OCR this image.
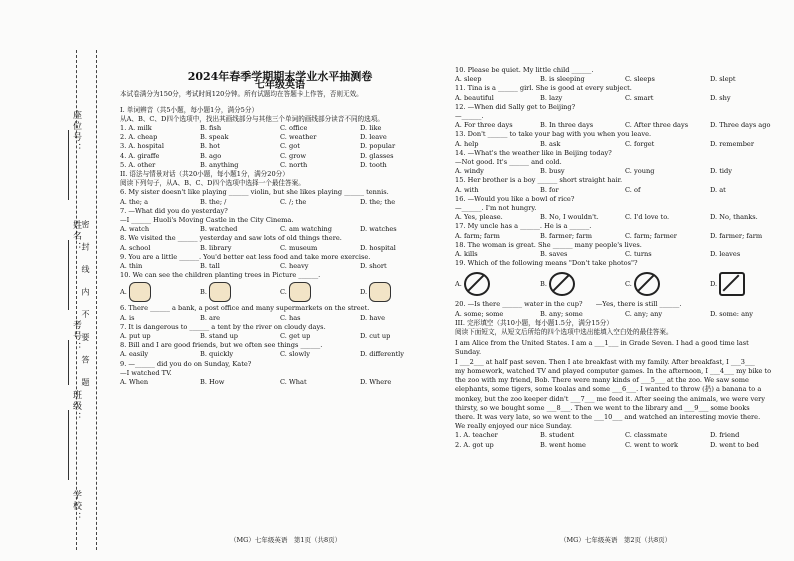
密 封 线 内 不 要 答 题
座位号：
姓名：
考号：
班级：
学校：

2024年春季学期期末学业水平抽测卷

七年级英语

本试卷满分为150分，考试时间120分钟。所有试题均在答题卡上作答，否则无效。

I. 单词辨音（共5小题，每小题1分，满分5分）

从A、B、C、D四个选项中，找出其画线部分与其他三个单词的画线部分读音不同的选项。

1. A. milk	B. fish	C. office	D. like
2. A. cheap	B. speak	C. weather	D. leave
3. A. hospital	B. hot	C. got	D. popular
4. A. giraffe	B. ago	C. grow	D. glasses
5. A. other	B. anything	C. north	D. tooth

II. 语法与情景对话（共20小题，每小题1分，满分20分）

阅读下列句子，从A、B、C、D四个选项中选择一个最佳答案。

6. My sister doesn't like playing ______ violin, but she likes playing ______ tennis.

A. the; a	B. the; /	C. /; the	D. the; the

7. —What did you do yesterday?

—I ______ Huoli's Moving Castle in the City Cinema.

A. watch	B. watched	C. am watching	D. watches

8. We visited the ______ yesterday and saw lots of old things there.

A. school	B. library	C. museum	D. hospital

9. You are a little ______. You'd better eat less food and take more exercise.

A. thin	B. tall	C. heavy	D. short

10. We can see the children planting trees in Picture ______.

A.	B.	C.	D.

6. There ______ a bank, a post office and many supermarkets on the street.

A. is	B. are	C. has	D. have

7. It is dangerous to ______ a tent by the river on cloudy days.

A. put up	B. stand up	C. get up	D. cut up

8. Bill and I are good friends, but we often see things ______.

A. easily	B. quickly	C. slowly	D. differently

9. —______ did you do on Sunday, Kate?

—I watched TV.

A. When	B. How	C. What	D. Where
（MG）七年级英语　第1页（共8页）

10. Please be quiet. My little child ______.

A. sleep	B. is sleeping	C. sleeps	D. slept

11. Tina is a ______ girl. She is good at every subject.

A. beautiful	B. lazy	C. smart	D. shy

12. —When did Sally get to Beijing?

—______.

A. For three days	B. In three days	C. After three days	D. Three days ago

13. Don't ______ to take your bag with you when you leave.

A. help	B. ask	C. forget	D. remember

14. —What's the weather like in Beijing today?

—Not good. It's ______ and cold.

A. windy	B. busy	C. young	D. tidy

15. Her brother is a boy ______ short straight hair.

A. with	B. for	C. of	D. at

16. —Would you like a bowl of rice?

—______. I'm not hungry.

A. Yes, please.	B. No, I wouldn't.	C. I'd love to.	D. No, thanks.

17. My uncle has a ______. He is a ______.

A. farm; farm	B. farmer; farm	C. farm; farmer	D. farmer; farm

18. The woman is great. She ______ many people's lives.

A. kills	B. saves	C. turns	D. leaves

19. Which of the following means "Don't take photos"?

A.	B.	C.	D.

20. —Is there ______ water in the cup?　　—Yes, there is still ______.

A. some; some	B. any; some	C. any; any	D. some: any

III. 完形填空（共10小题，每小题1.5分，满分15分）

阅读下面短文，从短文后所给的四个选项中选出能填入空白处的最佳答案。

I am Alice from the United States. I am a ___1___ in Grade Seven. I had a good time last

Sunday.

I ___2___ at half past seven. Then I ate breakfast with my family. After breakfast, I ___3___

my homework, watched TV and played computer games. In the afternoon, I ___4___ my bike to

the zoo with my friend, Bob. There were many kinds of ___5___ at the zoo. We saw some

elephants, some tigers, some koalas and some ___6___. I wanted to throw (扔) a banana to a

monkey, but the zoo keeper didn't ___7___ me feed it. After seeing the animals, we were very

thirsty, so we bought some ___8___. Then we went to the library and ___9___ some books

there. It was very late, so we went to the ___10___ and watched an interesting movie there.

We really enjoyed our nice Sunday.

1. A. teacher	B. student	C. classmate	D. friend
2. A. got up	B. went home	C. went to work	D. went to bed
（MG）七年级英语　第2页（共8页）
